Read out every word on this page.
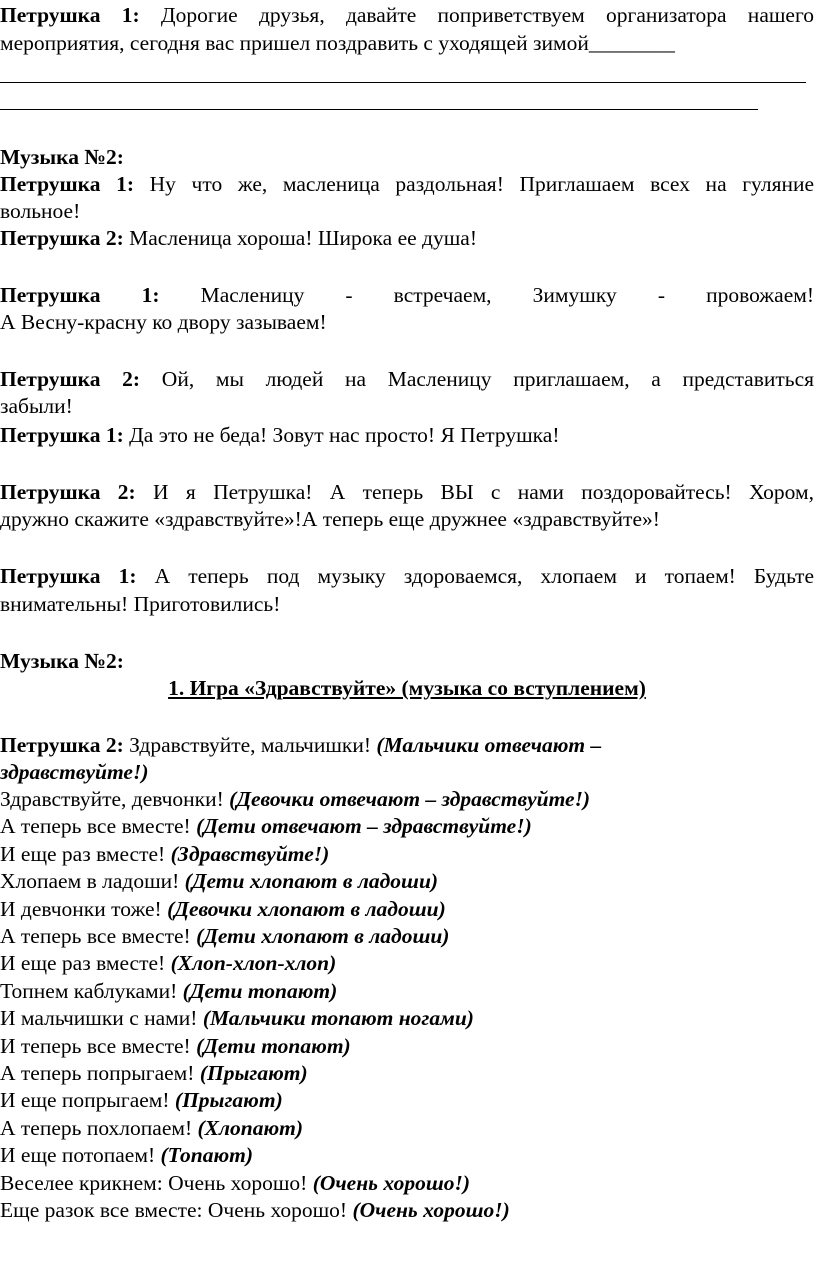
Петрушка 1: Дорогие друзья, давайте поприветствуем организатора нашего

мероприятия, сегодня вас пришел поздравить с уходящей зимой________

Музыка №2:

Петрушка 1: Ну что же, масленица раздольная! Приглашаем всех на гуляние

вольное!

Петрушка 2: Масленица хороша! Широка ее душа!

Петрушка 1: Масленицу - встречаем, Зимушку - провожаем!

А Весну-красну ко двору зазываем!

Петрушка 2: Ой, мы людей на Масленицу приглашаем, а представиться

забыли!

Петрушка 1: Да это не беда! Зовут нас просто! Я Петрушка!

Петрушка 2: И я Петрушка! А теперь ВЫ с нами поздоровайтесь! Хором,

дружно скажите «здравствуйте»!А теперь еще дружнее «здравствуйте»!

Петрушка 1: А теперь под музыку здороваемся, хлопаем и топаем! Будьте

внимательны! Приготовились!

Музыка №2:

1. Игра «Здравствуйте» (музыка со вступлением)

Петрушка 2: Здравствуйте, мальчишки! (Мальчики отвечают –

здравствуйте!)

Здравствуйте, девчонки! (Девочки отвечают – здравствуйте!)

А теперь все вместе! (Дети отвечают – здравствуйте!)

И еще раз вместе! (Здравствуйте!)

Хлопаем в ладоши! (Дети хлопают в ладоши)

И девчонки тоже! (Девочки хлопают в ладоши)

А теперь все вместе! (Дети хлопают в ладоши)

И еще раз вместе! (Хлоп-хлоп-хлоп)

Топнем каблуками! (Дети топают)

И мальчишки с нами! (Мальчики топают ногами)

И теперь все вместе! (Дети топают)

А теперь попрыгаем! (Прыгают)

И еще попрыгаем! (Прыгают)

А теперь похлопаем! (Хлопают)

И еще потопаем! (Топают)

Веселее крикнем: Очень хорошо! (Очень хорошо!)

Еще разок все вместе: Очень хорошо! (Очень хорошо!)
